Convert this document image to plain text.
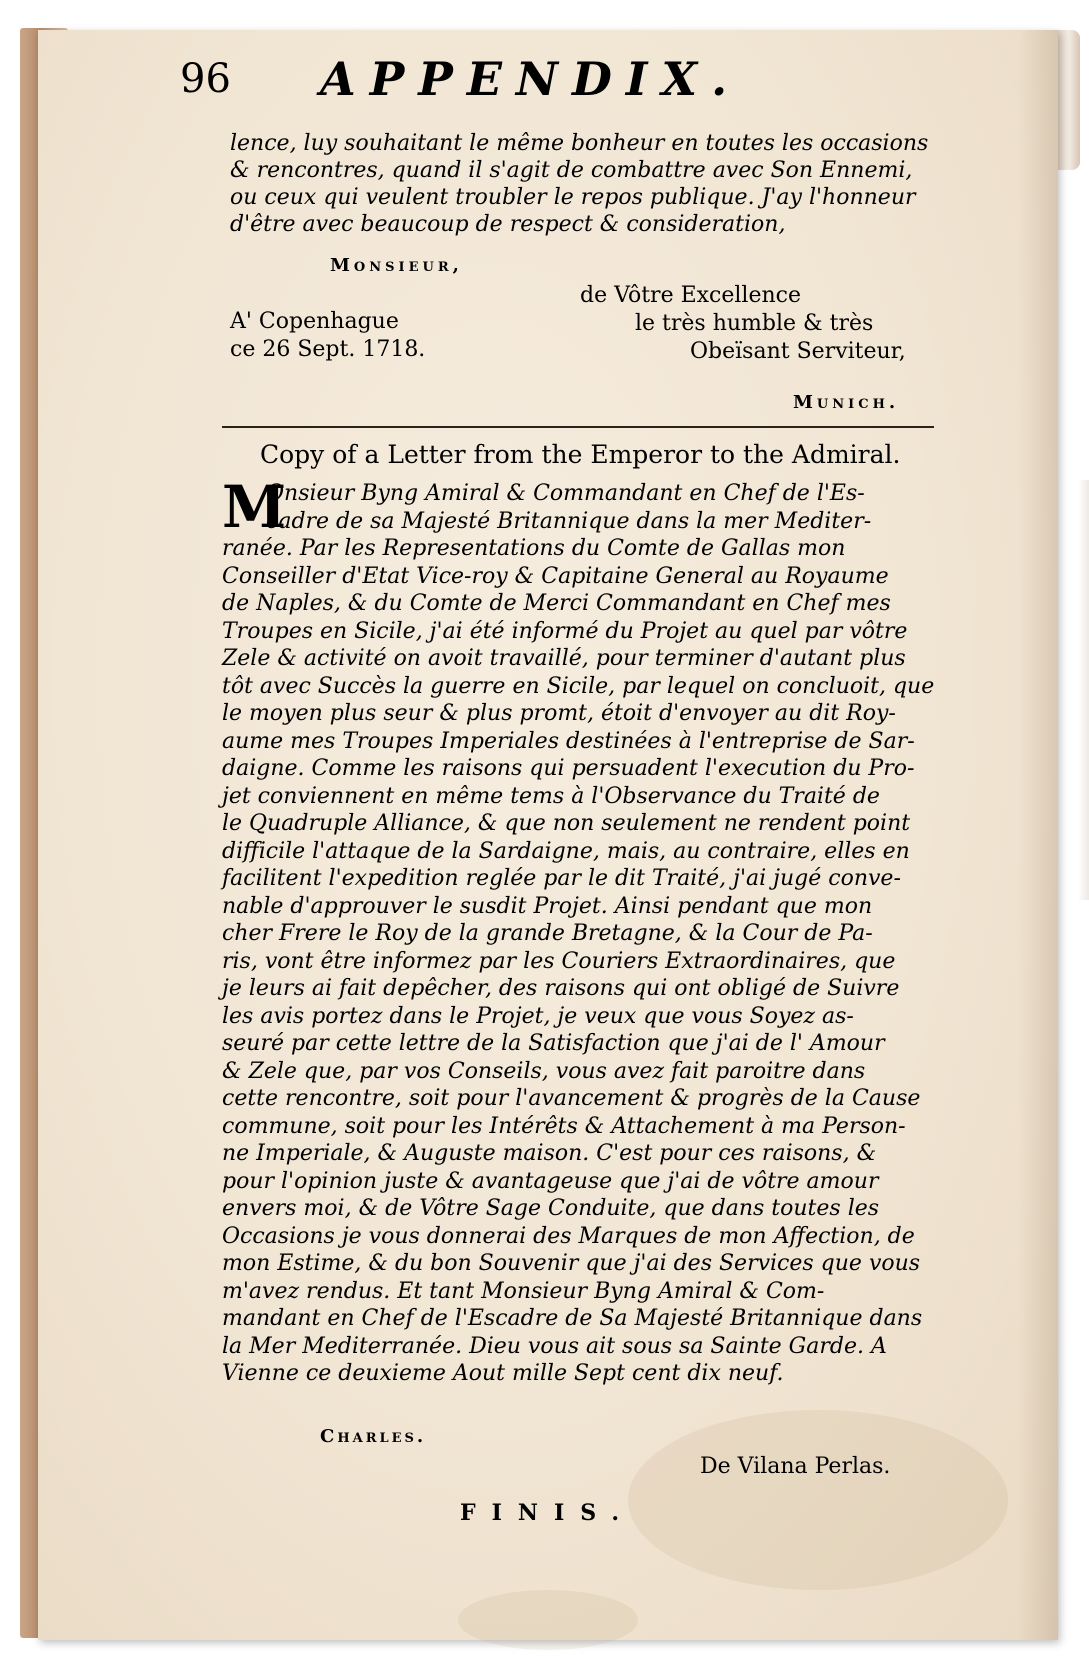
96 APPENDIX.
lence, luy souhaitant le même bonheur en toutes les occasions
& rencontres, quand il s'agit de combattre avec Son Ennemi,
ou ceux qui veulent troubler le repos publique. J'ay l'honneur
d'être avec beaucoup de respect & consideration,
Monsieur,
A' Copenhague
ce 26 Sept. 1718.
de Vôtre Excellence
le très humble & très
Obeïsant Serviteur,
Munich.
Copy of a Letter from the Emperor to the Admiral.
M
Onsieur Byng Amiral & Commandant en Chef de l'Es-
cadre de sa Majesté Britannique dans la mer Mediter-
ranée. Par les Representations du Comte de Gallas mon
Conseiller d'Etat Vice-roy & Capitaine General au Royaume
de Naples, & du Comte de Merci Commandant en Chef mes
Troupes en Sicile, j'ai été informé du Projet au quel par vôtre
Zele & activité on avoit travaillé, pour terminer d'autant plus
tôt avec Succès la guerre en Sicile, par lequel on concluoit, que
le moyen plus seur & plus promt, étoit d'envoyer au dit Roy-
aume mes Troupes Imperiales destinées à l'entreprise de Sar-
daigne. Comme les raisons qui persuadent l'execution du Pro-
jet conviennent en même tems à l'Observance du Traité de
le Quadruple Alliance, & que non seulement ne rendent point
difficile l'attaque de la Sardaigne, mais, au contraire, elles en
facilitent l'expedition reglée par le dit Traité, j'ai jugé conve-
nable d'approuver le susdit Projet. Ainsi pendant que mon
cher Frere le Roy de la grande Bretagne, & la Cour de Pa-
ris, vont être informez par les Couriers Extraordinaires, que
je leurs ai fait depêcher, des raisons qui ont obligé de Suivre
les avis portez dans le Projet, je veux que vous Soyez as-
seuré par cette lettre de la Satisfaction que j'ai de l' Amour
& Zele que, par vos Conseils, vous avez fait paroitre dans
cette rencontre, soit pour l'avancement & progrès de la Cause
commune, soit pour les Intérêts & Attachement à ma Person-
ne Imperiale, & Auguste maison. C'est pour ces raisons, &
pour l'opinion juste & avantageuse que j'ai de vôtre amour
envers moi, & de Vôtre Sage Conduite, que dans toutes les
Occasions je vous donnerai des Marques de mon Affection, de
mon Estime, & du bon Souvenir que j'ai des Services que vous
m'avez rendus. Et tant Monsieur Byng Amiral & Com-
mandant en Chef de l'Escadre de Sa Majesté Britannique dans
la Mer Mediterranée. Dieu vous ait sous sa Sainte Garde. A
Vienne ce deuxieme Aout mille Sept cent dix neuf.
Charles.
De Vilana Perlas.
FINIS.
